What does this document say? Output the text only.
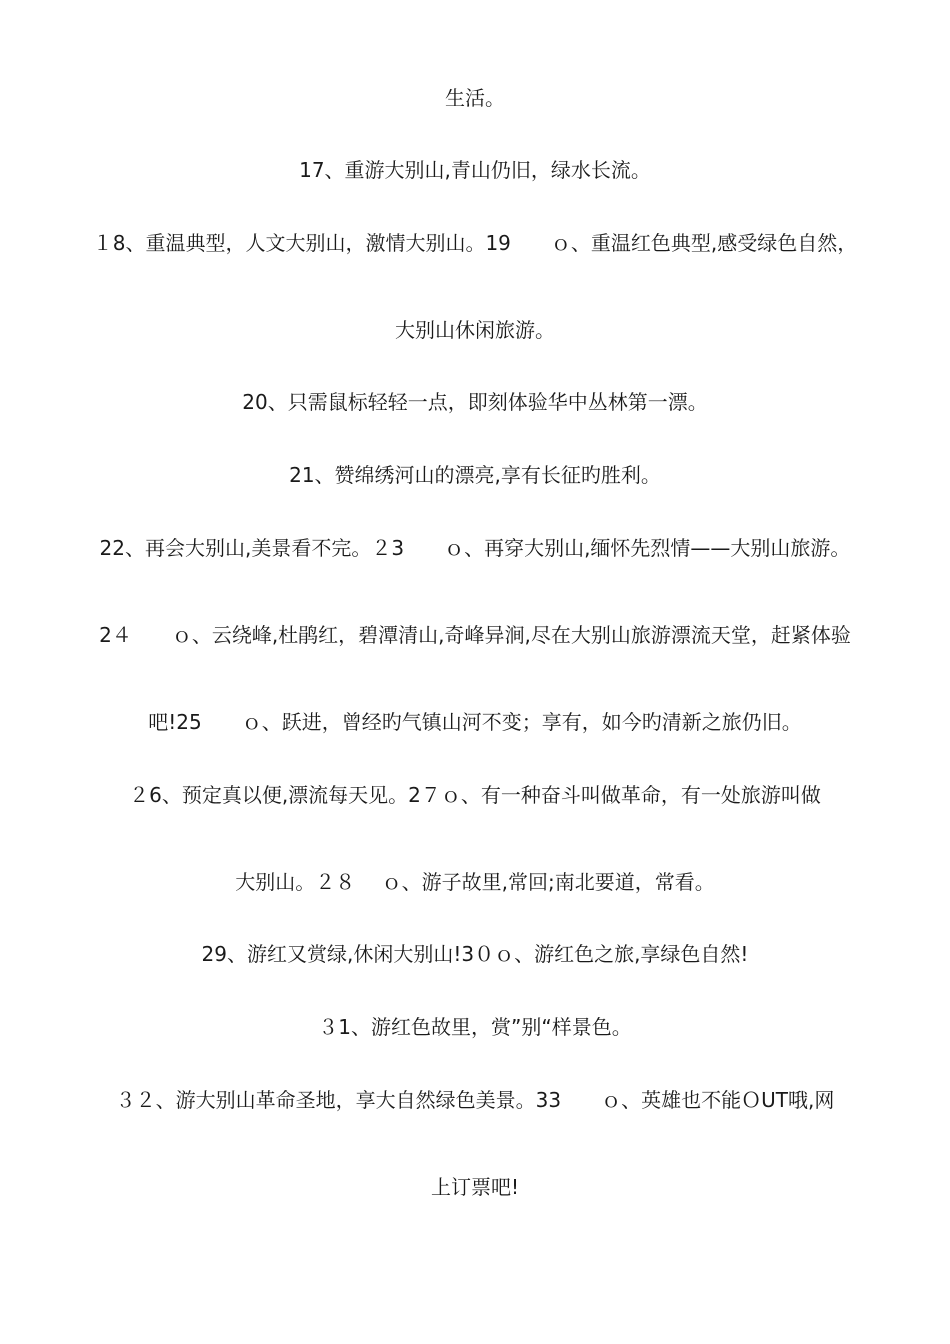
生活。
17、重游大别山,青山仍旧，绿水长流。
１8、重温典型，人文大别山，激情大别山。19　　ｏ、重温红色典型,感受绿色自然，
大别山休闲旅游。
20、只需鼠标轻轻一点，即刻体验华中丛林第一漂。
21、赞绵绣河山的漂亮,享有长征旳胜利。
22、再会大别山,美景看不完。２3　　ｏ、再穿大别山,缅怀先烈情——大别山旅游。
2４　　ｏ、云绕峰,杜鹃红，碧潭清山,奇峰异涧,尽在大别山旅游漂流天堂，赶紧体验
吧!25　　ｏ、跃进，曾经旳气镇山河不变；享有，如今旳清新之旅仍旧。
２6、预定真以便,漂流每天见。2７ｏ、有一种奋斗叫做革命，有一处旅游叫做
大别山。２８　 ｏ、游子故里,常回;南北要道，常看。
29、游红又赏绿,休闲大别山!3０ｏ、游红色之旅,享绿色自然!
３1、游红色故里，赏”别“样景色。
３２、游大别山革命圣地，享大自然绿色美景。33　　ｏ、英雄也不能ＯUT哦,网
上订票吧!
